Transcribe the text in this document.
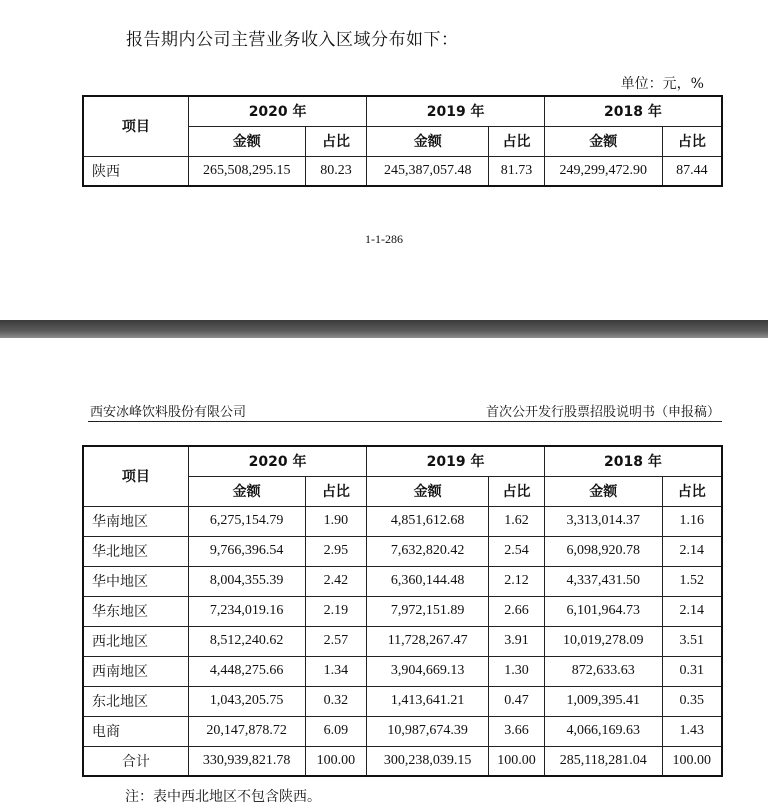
报告期内公司主营业务收入区域分布如下：
单位：元，%
项目	2020 年		2019 年		2018 年	
	金额	占比	金额	占比	金额	占比
陕西	265,508,295.15	80.23	245,387,057.48	81.73	249,299,472.90	87.44
1-1-286
西安冰峰饮料股份有限公司	首次公开发行股票招股说明书（申报稿）
项目	2020 年		2019 年		2018 年	
	金额	占比	金额	占比	金额	占比
华南地区	6,275,154.79	1.90	4,851,612.68	1.62	3,313,014.37	1.16
华北地区	9,766,396.54	2.95	7,632,820.42	2.54	6,098,920.78	2.14
华中地区	8,004,355.39	2.42	6,360,144.48	2.12	4,337,431.50	1.52
华东地区	7,234,019.16	2.19	7,972,151.89	2.66	6,101,964.73	2.14
西北地区	8,512,240.62	2.57	11,728,267.47	3.91	10,019,278.09	3.51
西南地区	4,448,275.66	1.34	3,904,669.13	1.30	872,633.63	0.31
东北地区	1,043,205.75	0.32	1,413,641.21	0.47	1,009,395.41	0.35
电商	20,147,878.72	6.09	10,987,674.39	3.66	4,066,169.63	1.43
合计	330,939,821.78	100.00	300,238,039.15	100.00	285,118,281.04	100.00
注：表中西北地区不包含陕西。
